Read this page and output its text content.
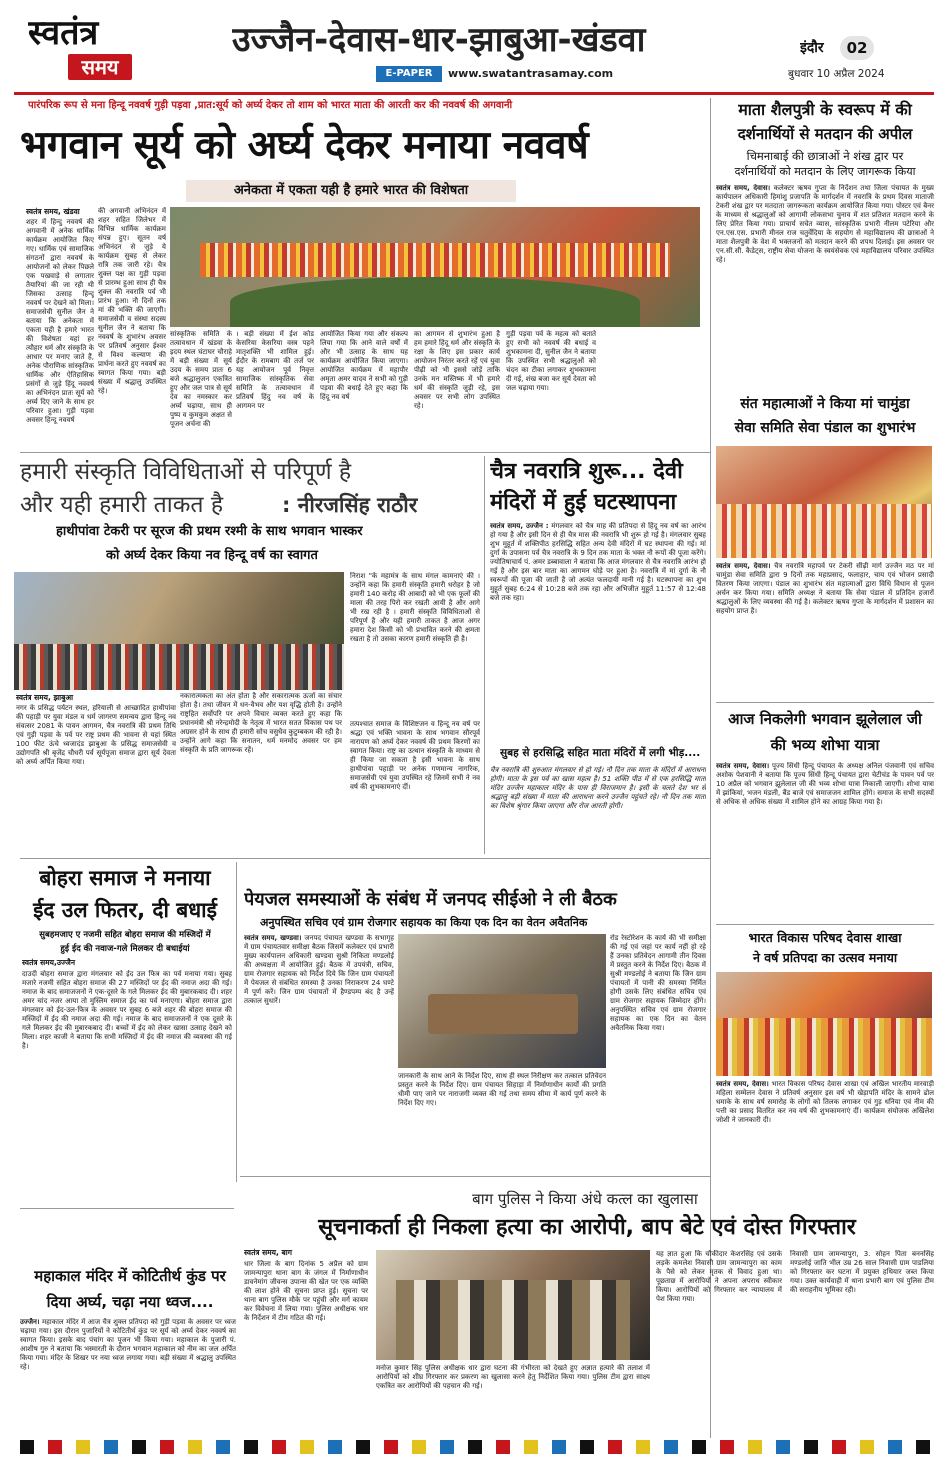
स्वतंत्र
समय
उज्जैन-देवास-धार-झाबुआ-खंडवा
E-PAPER	www.swatantrasamay.com
इंदौर	02
बुधवार 10 अप्रैल 2024
पारंपरिक रूप से मना हिन्दू नववर्ष गुड़ी पड़वा ,प्रात:सूर्य को अर्घ्य देकर तो शाम को भारत माता की आरती कर की नववर्ष की अगवानी
भगवान सूर्य को अर्घ्य देकर मनाया नववर्ष
अनेकता में एकता यही है हमारे भारत की विशेषता
स्वतंत्र समय, खंडवा
शहर में हिन्दु नववर्ष की अगवानी में अनेक धार्मिक कार्यक्रम आयोजित किए गए। धार्मिक एवं सामाजिक संगठनों द्वारा नववर्ष के आयोजनों को लेकर पिछले एक पखवाड़े से लगातार तैयारियां की जा रही थी जिसका उत्साह हिन्दू नववर्ष पर देखने को मिला। समाजसेवी सुनील जैन ने बताया कि अनेकता में एकता यही है हमारे भारत की विशेषता यहां हर त्यौहार धर्म और संस्कृति के आधार पर मनाए जाते हैं, अनेक पौराणिक सांस्कृतिक धार्मिक और ऐतिहासिक प्रसंगों से जुड़े हिंदू नववर्ष का अभिनंदन प्रातः सूर्य को अर्घ्य दिए जाने के साथ हर परिवार हुआ। गुड़ी पड़वा अवसर हिन्दू नववर्ष
की अगवानी अभिनंदन में शहर सहित जिलेभर में विभिन्न धार्मिक कार्यक्रम संपन्न हुए। सूतन वर्ष अभिनंदन से जुड़े ये कार्यक्रम सुबह से लेकर रात्रि तक जारी रहे। चैत्र शुक्ल पक्ष का गुड़ी पड़वा से प्रारम्भ हुआ साथ ही चैत्र शुक्ल की नवरात्रि पर्व भी प्रारंभ हुआ। नौ दिनों तक मां की भक्ति की जाएगी। समाजसेवी व संस्था सदस्य सुनील जैन ने बताया कि नववर्ष के शुभारंभ अवसर पर प्रतिवर्ष अनुसार ईश्वर से विश्व कल्याण की प्रार्थना करते हुए नववर्ष का स्वागत किया गया। बड़ी संख्या में श्रद्धालु उपस्थित रहे।
सांस्कृतिक समिति के तत्वावधान में खंडवा के इदय स्थल घंटाघर चौराहे में बड़ी संख्या में सूर्य उदय के समय प्रातः 6 बजे श्रद्धालुजन एकत्रित हुए और जल पात्र से सूर्य देव का नमस्कार कर अर्घ्य चढ़ाया, साथ ही पुष्प व कुमकुम अक्षत से पूजन अर्चना की
। बड़ी संख्या में ईश कोड केसरिया केसरिया वस्त्र पहने मातृशक्ति भी शामिल हुई। ईदौर के रामबाग की तर्ज पर यह आयोजन पूर्व निवृत्त सामाजिक सांस्कृतिक सेवा समिति के तत्वावधान में प्रतिवर्ष हिंदु नव वर्ष के आगमन पर
आयोजित किया गया और संकल्प लिया गया कि आने वाले वर्षों में और भी उत्साह के साथ यह कार्यक्रम आयोजित किया जाएगा। आयोजित कार्यक्रम में महापौर अमृता अमर यादव ने सभी को गुड़ी पड़वा की बधाई देते हुए कहा कि हिंदू नव वर्ष
का आगमन से शुभारंभ हुआ है हम हमारे हिंदू धर्म और संस्कृति के रक्षा के लिए इस प्रकार कार्य आयोजन निरंतर करते रहें एवं युवा पीढ़ी को भी इससे जोड़ें ताकि उनके मन मस्तिष्क में भी हमारे धर्म की संस्कृति जुड़ी रहे, इस अवसर पर सभी लोग उपस्थित रहे।
गुड़ी पड़वा पर्व के महत्व को बताते हुए सभी को नववर्ष की बधाई व शुभकामना दी, सुनील जैन ने बताया कि उपस्थित सभी श्रद्धालुओं को चंदन का टीका लगाकर शुभकामना दी गई, शंख बजा कर सूर्य देवता को जल चढ़ाया गया।
हमारी संस्कृति विविधिताओं से परिपूर्ण है
और यही हमारी ताकत है	: नीरजसिंह राठौर
हाथीपांवा टेकरी पर सूरज की प्रथम रश्मी के साथ भगवान भास्कर
को अर्घ्य देकर किया नव हिन्दू वर्ष का स्वागत
स्वतंत्र समय, झाबुआ
नगर के प्रसिद्ध पर्यटन स्थल, हरियाली से आच्छादित हाथीपांवा की पहाड़ी पर युवा मंडल व धर्म जागरण समन्वय द्वारा हिन्दू नव संवत्सर 2081 के पावन आगमन, चैत्र नवरात्रि की प्रथम तिथि एवं गुड़ी पड़वा के पर्व पर राष्ट्र प्रथम की भावना से यहां स्थित 100 फीट ऊंचे ध्वजादंड झाबुआ के प्रसिद्ध समाजसेवी व उद्योगपति श्री बृजेंद्र चौधरी पर्व सूर्यपूजा समाज द्वारा सूर्य देवता को अर्घ्य अर्पित किया गया।
नकारात्मकता का अंत होता है और सकारात्मक ऊर्जा का संचार होता है। तथा जीवन में धन-वैभव और यश वृद्धि होती है। उन्होंने राष्ट्रहित सर्वोपरि पर अपने विचार व्यक्त करते हुए कहा कि प्रधानमंत्री श्री नरेन्द्रमोदी के नेतृत्व में भारत सतत विकास पथ पर अग्रसर होने के साथ ही हमारी सोच वसुधैव कुटुम्बकम की रही है। उन्होंने आगे कहा कि सनातन, धर्म मनमोद अवसर पर हम संस्कृति के प्रति जागरूक रहें।
निराश "के महामंत्र के साथ मंगल कामनाएं की । उन्होंने कहा कि हमारी संस्कृति हमारी धरोहर है जो हमारी 140 करोड़ की आबादी को भी एक फूलों की माला की तरह पिरो कर रखती आयी है और आगे भी रख रही है । हमारी संस्कृति विविधिताओं से परिपूर्ण है और यही हमारी ताकत है आज अगर हमारा देश किसी को भी प्रभावित करने की क्षमता रखता है तो उसका कारण हमारी संस्कृति ही है।
तत्पश्चात समाज के विशिष्टजन व हिन्दू नव वर्ष पर श्रद्धा एवं भक्ति भावना के साथ भगवान सौरपूर्व नारायण को अर्घ्य देकर नववर्ष की प्रथम किरणों का स्वागत किया। राष्ट्र का उत्थान संस्कृति के माध्यम से ही किया जा सकता है इसी भावना के साथ हाथीपांवा पहाड़ी पर अनेक गणमान्य नागरिक, समाजसेवी एवं युवा उपस्थित रहे जिनमें सभी ने नव वर्ष की शुभकामनाएं दीं।
चैत्र नवरात्रि शुरू... देवी
मंदिरों में हुई घटस्थापना
स्वतंत्र समय, उज्जैन : मंगलवार को चैत्र माह की प्रतिपदा से हिंदू नव वर्ष का आरंभ हो गया है और इसी दिन से ही चैत्र मास की नवरात्रि भी शुरू हो गई है। मंगलवार सुबह शुभ मुहूर्त में शक्तिपीठ हरसिद्धि सहित अन्य देवी मंदिरों में घट स्थापना की गई। मां दुर्गा के उपासना पर्व चैत्र नवरात्रि के 9 दिन तक माता के भक्त नौ रूपों की पूजा करेंगे। ज्योतिषाचार्य पं. अमर डब्बावाला ने बताया कि आज मंगलवार से चैत्र नवरात्रि आरंभ हो गई है और इस बार माता का आगमन घोड़े पर हुआ है। नवरात्रि में मां दुर्गा के नौ स्वरूपों की पूजा की जाती है जो अत्यंत फलदायी मानी गई है। घटस्थापना का शुभ मुहूर्त सुबह 6:24 से 10:28 बजे तक रहा और अभिजीत मुहूर्त 11:57 से 12:48 बजे तक रहा।
सुबह से हरसिद्धि सहित माता मंदिरों में लगी भीड़....
चैत्र नवरात्रि की शुरुआत मंगलवार से हो गई। नौ दिन तक माता के मंदिरों में आराधना होगी। माता के इस पर्व का खास महत्व है। 51 शक्ति पीठ में से एक हरसिद्धि माता मंदिर उज्जैन महाकाल मंदिर के पास ही विराजमान है। इसी के चलते देश भर से श्रद्धालु बड़ी संख्या में माता की आराधना करने उज्जैन पहुंचते रहे। नौ दिन तक माता का विशेष श्रृंगार किया जाएगा और रोज आरती होगी।
माता शैलपुत्री के स्वरूप में की
दर्शनार्थियों से मतदान की अपील
चिमनाबाई की छात्राओं ने शंख द्वार पर
दर्शनार्थियों को मतदान के लिए जागरूक किया
स्वतंत्र समय, देवास। कलेक्टर ऋषव गुप्ता के निर्देशन तथा जिला पंचायत के मुख्य कार्यपालन अधिकारी हिमांशु प्रजापति के मार्गदर्शन में नवरात्रि के प्रथम दिवस माताजी टेकरी शंख द्वार पर मतदाता जागरूकता कार्यक्रम आयोजित किया गया। पोस्टर एवं बैनर के माध्यम से श्रद्धालुओं को आगामी लोकसभा चुनाव में शत प्रतिशत मतदान करने के लिए प्रेरित किया गया। प्राचार्य सचेत व्यास, सांस्कृतिक प्रभारी नीलम पटेरिया और एन.एस.एस. प्रभारी मीनल राज चतुर्वेदिया के सहयोग से महाविद्यालय की छात्राओं ने माता शैलपुत्री के वेश में भक्तजनों को मतदान करने की शपथ दिलाई। इस अवसर पर एन.सी.सी. कैडेट्स, राष्ट्रीय सेवा योजना के स्वयंसेवक एवं महाविद्यालय परिवार उपस्थित रहे।
संत महात्माओं ने किया मां चामुंडा
सेवा समिति सेवा पंडाल का शुभारंभ
स्वतंत्र समय, देवास। चैत्र नवरात्रि महापर्व पर टेकरी सीढ़ी मार्ग उज्जैन मठ पर मां चामुंडा सेवा समिति द्वारा 9 दिनों तक महाप्रसाद, फलाहार, चाय एवं भोजन प्रसादी वितरण किया जाएगा। पंडाल का शुभारंभ संत महात्माओं द्वारा विधि विधान से पूजन अर्चन कर किया गया। समिति अध्यक्ष ने बताया कि सेवा पंडाल में प्रतिदिन हजारों श्रद्धालुओं के लिए व्यवस्था की गई है। कलेक्टर ऋषव गुप्ता के मार्गदर्शन में प्रशासन का सहयोग प्राप्त है।
आज निकलेगी भगवान झूलेलाल जी
की भव्य शोभा यात्रा
स्वतंत्र समय, देवास। पूज्य सिंधी हिन्दू पंचायत के अध्यक्ष अनिल पंजवानी एवं सचिव अशोक पेशवानी ने बताया कि पूज्य सिंधी हिन्दू पंचायत द्वारा चेटीचंड के पावन पर्व पर 10 अप्रैल को भगवान झूलेलाल जी की भव्य शोभा यात्रा निकाली जाएगी। शोभा यात्रा में झांकियां, भजन मंडली, बैंड बाजे एवं समाजजन शामिल होंगे। समाज के सभी सदस्यों से अधिक से अधिक संख्या में शामिल होने का आग्रह किया गया है।
भारत विकास परिषद देवास शाखा
ने वर्ष प्रतिपदा का उत्सव मनाया
स्वतंत्र समय, देवास। भारत विकास परिषद देवास शाखा एवं अखिल भारतीय मारवाड़ी महिला सम्मेलन देवास ने प्रतिवर्ष अनुसार इस वर्ष भी खेड़ापति मंदिर के सामने ढोल धमाके के साथ वर्ष समारोह के लोगों को तिलक लगाकर एवं गुड़ धनिया एवं नीम की पत्ती का प्रसाद वितरित कर नव वर्ष की शुभकामनाएं दीं। कार्यक्रम संयोजक अखिलेश जोशी ने जानकारी दी।
बोहरा समाज ने मनाया
ईद उल फितर, दी बधाई
सुबहमजाए ए नजमी सहित बोहरा समाज की मस्जिदों में
हुई ईद की नवाज-गले मिलकर दी बधाईयां
स्वतंत्र समय,उज्जैन
दाउदी बोहरा समाज द्वारा मंगलवार को ईद उल फित्र का पर्व मनाया गया। सुबह मजारे नजमी सहित बोहरा समाज की 27 मस्जिदों पर ईद की नमाज अदा की गई। नमाज के बाद समाजजनों ने एक-दूसरे के गले मिलकर ईद की मुबारकबाद दी। शहर अमर चांद नजर आया तो मुस्लिम समाज ईद का पर्व मनाएगा। बोहरा समाज द्वारा मंगलवार को ईद-उल-फित्र के अवसर पर सुबह 6 बजे शहर की बोहरा समाज की मस्जिदों में ईद की नमाज अदा की गई। नमाज के बाद समाजजनों ने एक दूसरे के गले मिलकर ईद की मुबारकबाद दी। बच्चों में ईद को लेकर खासा उत्साह देखने को मिला। शहर काजी ने बताया कि सभी मस्जिदों में ईद की नमाज की व्यवस्था की गई है।
पेयजल समस्याओं के संबंध में जनपद सीईओ ने ली बैठक
अनुपस्थित सचिव एवं ग्राम रोजगार सहायक का किया एक दिन का वेतन अवैतनिक
स्वतंत्र समय, खण्डवा। जनपद पंचायत खण्डवा के सभागृह में ग्राम पंचायतवार समीक्षा बैठक जिसमें कलेक्टर एवं प्रभारी मुख्य कार्यपालन अधिकारी खण्डवा सुश्री निकिता मण्डलोई की अध्यक्षता में आयोजित हुई। बैठक में उपयंत्री, सचिव, ग्राम रोजगार सहायक को निर्देश दिये कि जिन ग्राम पंचायतों में पेयजल से संबंधित समस्या है उनका निराकरण 24 घण्टे में पूर्ण करें। जिन ग्राम पंचायतों में हैण्डपम्प बंद है उन्हें तत्काल सुधारें।
जानकारी के साथ आने के निर्देश दिए, साथ ही स्थल निरीक्षण कर तत्काल प्रतिवेदन प्रस्तुत करने के निर्देश दिए। ग्राम पंचायत सिहाड़ा में निर्माणाधीन कार्यों की प्रगति धीमी पाए जाने पर नाराजगी व्यक्त की गई तथा समय सीमा में कार्य पूर्ण करने के निर्देश दिए गए।
रोड रेस्टोरेशन के कार्य की भी समीक्षा की गई एवं जहां पर कार्य नहीं हो रहे हैं उनका प्रतिवेदन आगामी तीन दिवस में प्रस्तुत करने के निर्देश दिए। बैठक में सुश्री मण्डलोई ने बताया कि जिन ग्राम पंचायतों में पानी की समस्या निर्मित होगी उसके लिए संबंधित सचिव एवं ग्राम रोजगार सहायक जिम्मेदार होंगे। अनुपस्थित सचिव एवं ग्राम रोजगार सहायक का एक दिन का वेतन अवैतनिक किया गया।
बाग पुलिस ने किया अंधे कत्ल का खुलासा
सूचनाकर्ता ही निकला हत्या का आरोपी, बाप बेटे एवं दोस्त गिरफ्तार
स्वतंत्र समय, बाग
धार जिला के बाग दिनांक 5 अप्रैल को ग्राम जामन्यापुरा थाना बाग के जंगल में निर्माणाधीन डावनेमांग जीवन्स उपान्स की खेत पर एक व्यक्ति की लाश होने की सूचना प्राप्त हुई। सूचना पर थाना बाग पुलिस मौके पर पहुंची और मर्ग कायम कर विवेचना में लिया गया। पुलिस अधीक्षक धार के निर्देशन में टीम गठित की गई।
मनोज कुमार सिंह पुलिस अधीक्षक धार द्वारा घटना की गंभीरता को देखते हुए अज्ञात हत्यारे की तलाश में आरोपियों को शीघ्र गिरफ्तार कर प्रकरण का खुलासा करने हेतु निर्देशित किया गया। पुलिस टीम द्वारा साक्ष्य एकत्रित कर आरोपियों की पहचान की गई।
यह ज्ञात हुआ कि चौकीदार केशरसिंह एवं उसके लड़के कमलेश निवासी ग्राम जामन्यापुरा का काम के पैसे को लेकर मृतक से विवाद हुआ था। पूछताछ में आरोपियों ने अपना अपराध स्वीकार किया। आरोपियों को गिरफ्तार कर न्यायालय में पेश किया गया।
निवासी ग्राम जामन्यापुरा, 3. सोहन पिता बननसिंह मण्डलोई जाति भील उम्र 26 साल निवासी ग्राम पाडलिया को गिरफ्तार कर घटना में प्रयुक्त हथियार जब्त किया गया। उक्त कार्यवाही में थाना प्रभारी बाग एवं पुलिस टीम की सराहनीय भूमिका रही।
महाकाल मंदिर में कोटितीर्थ कुंड पर
दिया अर्घ्य, चढ़ा नया ध्वज....
उज्जैन। महाकाल मंदिर में आज चैत्र शुक्ल प्रतिपदा को गुड़ी पड़वा के अवसर पर ध्वज चढ़ाया गया। इस दौरान पुजारियों ने कोटितीर्थ कुंड पर सूर्य को अर्घ्य देकर नववर्ष का स्वागत किया। इसके बाद पंचांग का पूजन भी किया गया। महाकाल के पुजारी पं. आशीष गुरु ने बताया कि भस्मारती के दौरान भगवान महाकाल को नीम का जल अर्पित किया गया। मंदिर के शिखर पर नया ध्वज लगाया गया। बड़ी संख्या में श्रद्धालु उपस्थित रहे।
